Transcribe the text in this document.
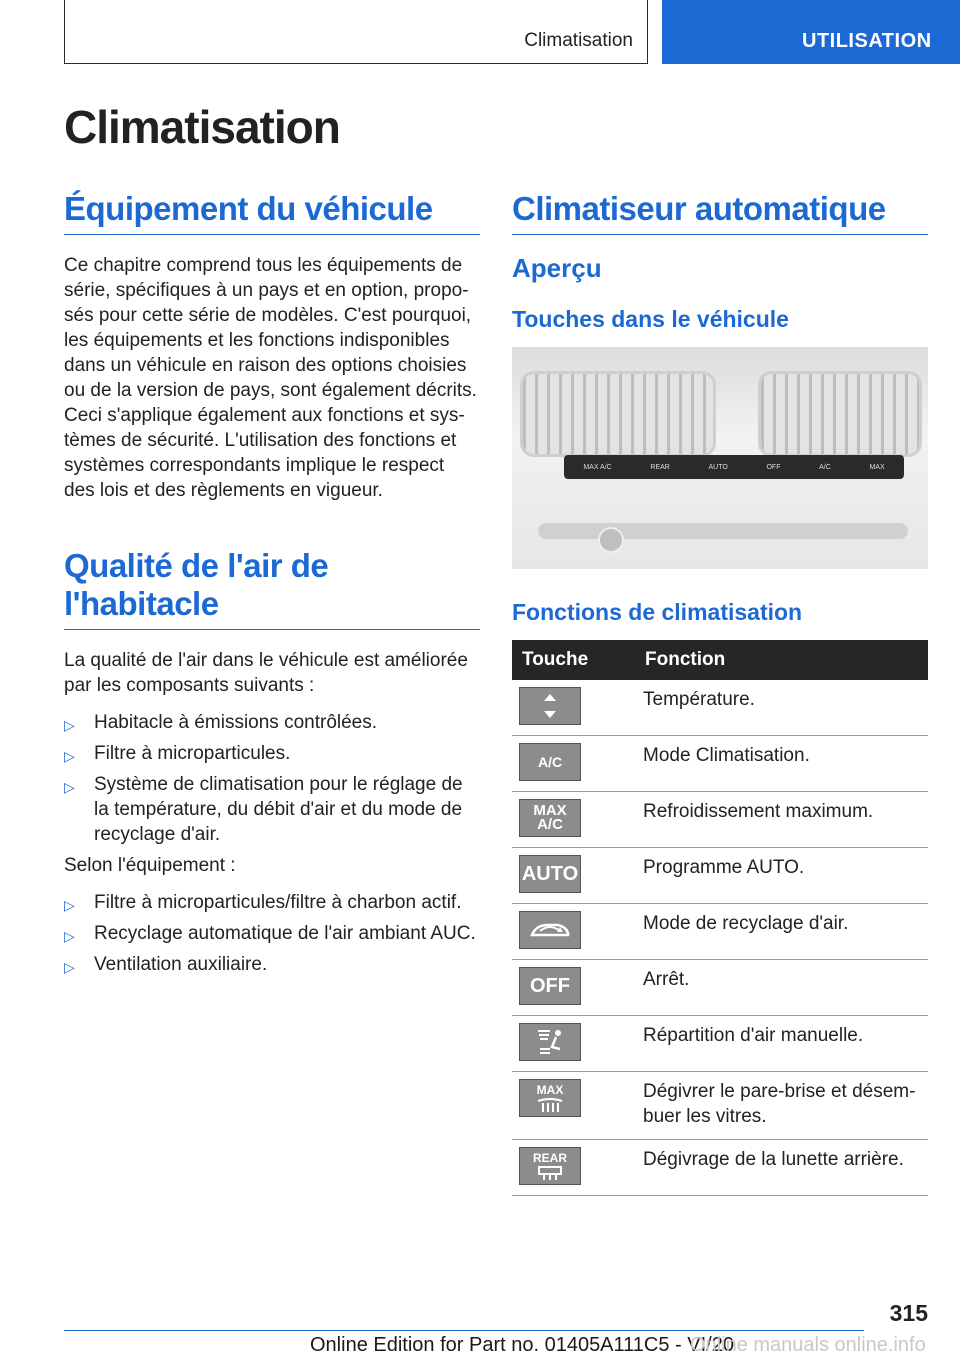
Climatisation	UTILISATION
Climatisation
Équipement du véhicule

Ce chapitre comprend tous les équipements de série, spécifiques à un pays et en option, propo-sés pour cette série de modèles. C'est pourquoi, les équipements et les fonctions indisponibles dans un véhicule en raison des options choisies ou de la version de pays, sont également décrits. Ceci s'applique également aux fonctions et sys-tèmes de sécurité. L'utilisation des fonctions et systèmes correspondants implique le respect des lois et des règlements en vigueur.

Qualité de l'air de l'habitacle

La qualité de l'air dans le véhicule est améliorée par les composants suivants :

▷ Habitacle à émissions contrôlées.
▷ Filtre à microparticules.
▷ Système de climatisation pour le réglage de la température, du débit d'air et du mode de recyclage d'air.

Selon l'équipement :

▷ Filtre à microparticules/filtre à charbon actif.
▷ Recyclage automatique de l'air ambiant AUC.
▷ Ventilation auxiliaire.
Climatiseur automatique
Aperçu
Touches dans le véhicule
MAX A/C	REAR	AUTO	OFF	A/C	MAX
Fonctions de climatisation
Touche	Fonction

	Température.

A/C	Mode Climatisation.

MAX
A/C	Refroidissement maximum.

AUTO	Programme AUTO.

	Mode de recyclage d'air.

OFF	Arrêt.

	Répartition d'air manuelle.

MAX	Dégivrer le pare-brise et désem-buer les vitres.

REAR	Dégivrage de la lunette arrière.
315
Online Edition for Part no. 01405A111C5 - VI/20
Online manuals online.info
